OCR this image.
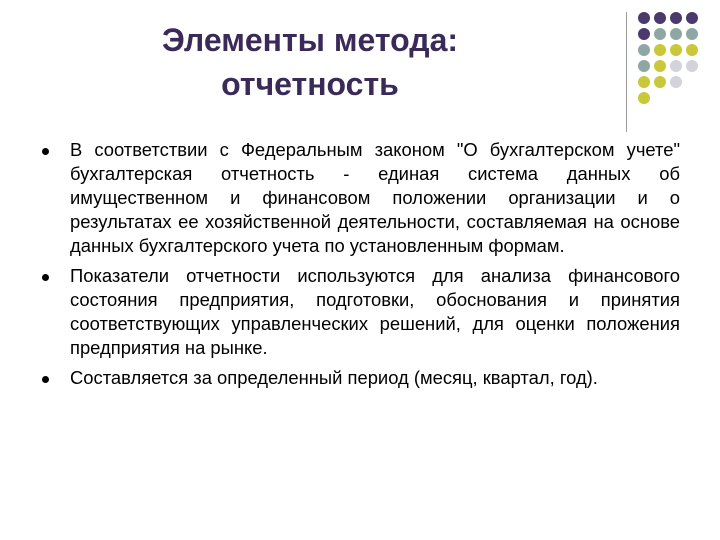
Элементы метода:
отчетность
В соответствии с Федеральным законом "О бухгалтерском учете" бухгалтерская отчетность - единая система данных об имущественном и финансовом положении организации и о результатах ее хозяйственной деятельности, составляемая на основе данных бухгалтерского учета по установленным формам.
Показатели отчетности используются для анализа финансового состояния предприятия, подготовки, обоснования и принятия соответствующих управленческих решений, для оценки положения предприятия на рынке.
Составляется за определенный период (месяц, квартал, год).
